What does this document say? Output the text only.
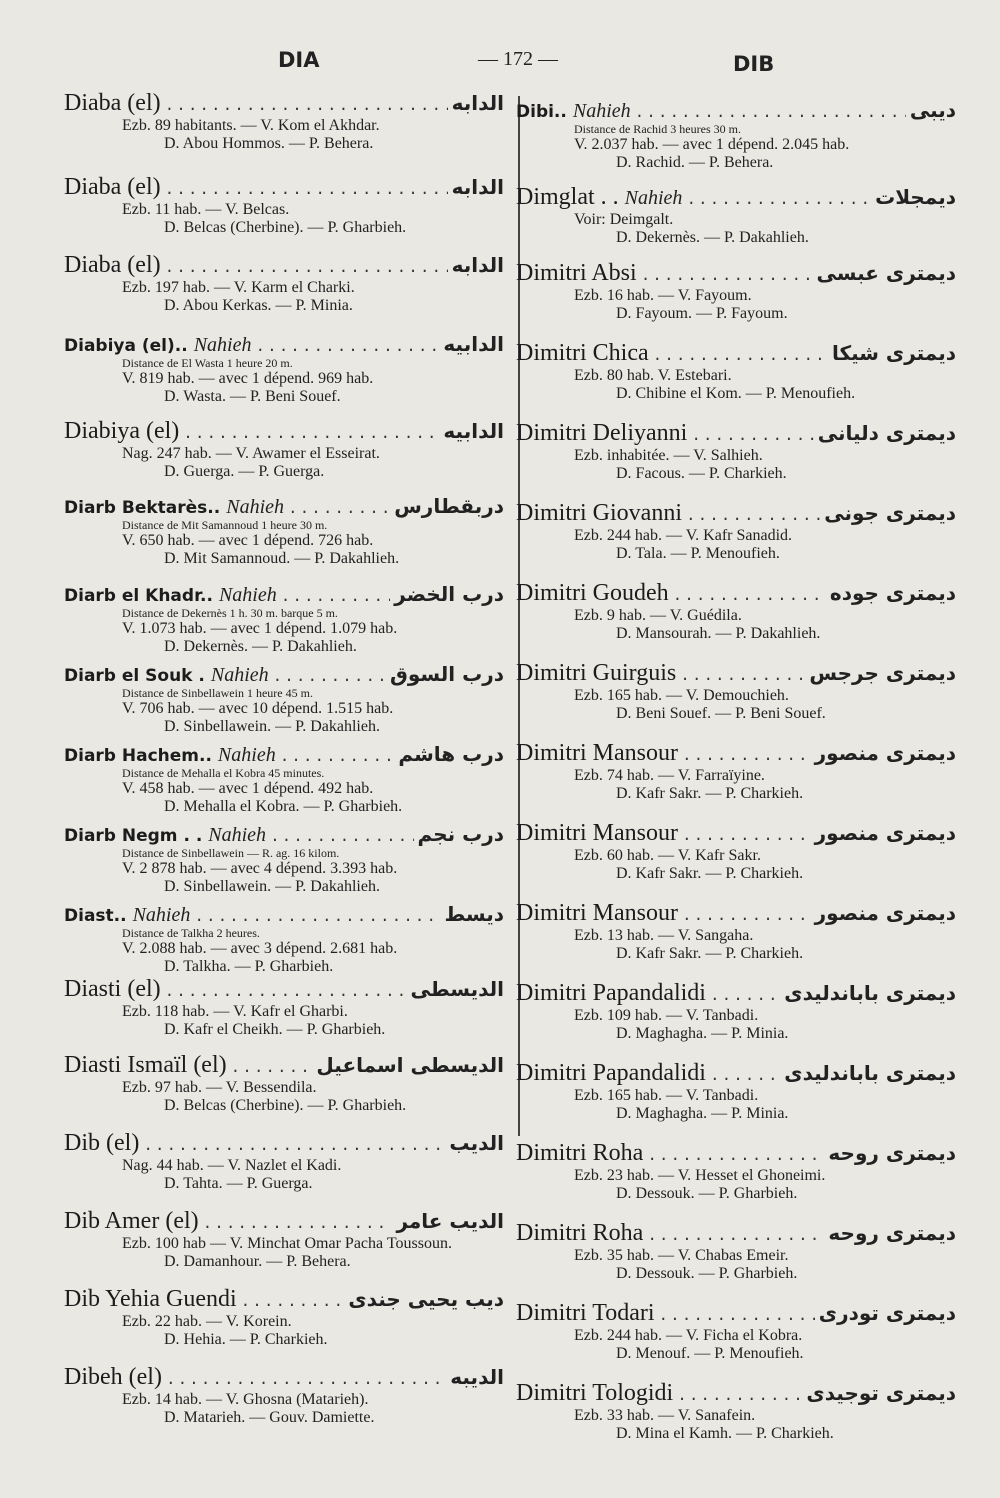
DIA	— 172 —	DIB
Diaba (el) .....	الدابه
Ezb. 89 habitants. — V. Kom el Akhdar.
D. Abou Hommos. — P. Behera.
Diaba (el) .....	الدابه
Ezb. 11 hab. — V. Belcas.
D. Belcas (Cherbine). — P. Gharbieh.
Diaba (el) .....	الدابه
Ezb. 197 hab. — V. Karm el Charki.
D. Abou Kerkas. — P. Minia.
Diabiya (el).. Nahieh .....	الدابيه
Distance de El Wasta 1 heure 20 m.
V. 819 hab. — avec 1 dépend. 969 hab.
D. Wasta. — P. Beni Souef.
Diabiya (el) .....	الدابيه
Nag. 247 hab. — V. Awamer el Esseirat.
D. Guerga. — P. Guerga.
Diarb Bektarès.. Nahieh .....	دربقطارس
Distance de Mit Samannoud 1 heure 30 m.
V. 650 hab. — avec 1 dépend. 726 hab.
D. Mit Samannoud. — P. Dakahlieh.
Diarb el Khadr.. Nahieh .....	درب الخضر
Distance de Dekernès 1 h. 30 m. barque 5 m.
V. 1.073 hab. — avec 1 dépend. 1.079 hab.
D. Dekernès. — P. Dakahlieh.
Diarb el Souk . Nahieh .....	درب السوق
Distance de Sinbellawein 1 heure 45 m.
V. 706 hab. — avec 10 dépend. 1.515 hab.
D. Sinbellawein. — P. Dakahlieh.
Diarb Hachem.. Nahieh .....	درب هاشم
Distance de Mehalla el Kobra 45 minutes.
V. 458 hab. — avec 1 dépend. 492 hab.
D. Mehalla el Kobra. — P. Gharbieh.
Diarb Negm . . Nahieh .....	درب نجم
Distance de Sinbellawein — R. ag. 16 kilom.
V. 2 878 hab. — avec 4 dépend. 3.393 hab.
D. Sinbellawein. — P. Dakahlieh.
Diast.. Nahieh .....	ديسط
Distance de Talkha 2 heures.
V. 2.088 hab. — avec 3 dépend. 2.681 hab.
D. Talkha. — P. Gharbieh.
Diasti (el) .....	الديسطى
Ezb. 118 hab. — V. Kafr el Gharbi.
D. Kafr el Cheikh. — P. Gharbieh.
Diasti Ismaïl (el) .....	الديسطى اسماعيل
Ezb. 97 hab. — V. Bessendila.
D. Belcas (Cherbine). — P. Gharbieh.
Dib (el) .....	الديب
Nag. 44 hab. — V. Nazlet el Kadi.
D. Tahta. — P. Guerga.
Dib Amer (el) .....	الديب عامر
Ezb. 100 hab — V. Minchat Omar Pacha Toussoun.
D. Damanhour. — P. Behera.
Dib Yehia Guendi .....	ديب يحيى جندى
Ezb. 22 hab. — V. Korein.
D. Hehia. — P. Charkieh.
Dibeh (el) .....	الديبه
Ezb. 14 hab. — V. Ghosna (Matarieh).
D. Matarieh. — Gouv. Damiette.
Dibi.. Nahieh .....	ديبى
Distance de Rachid 3 heures 30 m.
V. 2.037 hab. — avec 1 dépend. 2.045 hab.
D. Rachid. — P. Behera.
Dimglat . . Nahieh .....	ديمجلات
Voir: Deimgalt.
D. Dekernès. — P. Dakahlieh.
Dimitri Absi .....	ديمترى عبسى
Ezb. 16 hab. — V. Fayoum.
D. Fayoum. — P. Fayoum.
Dimitri Chica .....	ديمترى شيكا
Ezb. 80 hab. V. Estebari.
D. Chibine el Kom. — P. Menoufieh.
Dimitri Deliyanni .....	ديمترى دليانى
Ezb. inhabitée. — V. Salhieh.
D. Facous. — P. Charkieh.
Dimitri Giovanni .....	ديمترى جونى
Ezb. 244 hab. — V. Kafr Sanadid.
D. Tala. — P. Menoufieh.
Dimitri Goudeh .....	ديمترى جوده
Ezb. 9 hab. — V. Guédila.
D. Mansourah. — P. Dakahlieh.
Dimitri Guirguis .....	ديمترى جرجس
Ezb. 165 hab. — V. Demouchieh.
D. Beni Souef. — P. Beni Souef.
Dimitri Mansour .....	ديمترى منصور
Ezb. 74 hab. — V. Farraïyine.
D. Kafr Sakr. — P. Charkieh.
Dimitri Mansour .....	ديمترى منصور
Ezb. 60 hab. — V. Kafr Sakr.
D. Kafr Sakr. — P. Charkieh.
Dimitri Mansour .....	ديمترى منصور
Ezb. 13 hab. — V. Sangaha.
D. Kafr Sakr. — P. Charkieh.
Dimitri Papandalidi .....	ديمترى باباندليدى
Ezb. 109 hab. — V. Tanbadi.
D. Maghagha. — P. Minia.
Dimitri Papandalidi .....	ديمترى باباندليدى
Ezb. 165 hab. — V. Tanbadi.
D. Maghagha. — P. Minia.
Dimitri Roha .....	ديمترى روحه
Ezb. 23 hab. — V. Hesset el Ghoneimi.
D. Dessouk. — P. Gharbieh.
Dimitri Roha .....	ديمترى روحه
Ezb. 35 hab. — V. Chabas Emeir.
D. Dessouk. — P. Gharbieh.
Dimitri Todari .....	ديمترى تودرى
Ezb. 244 hab. — V. Ficha el Kobra.
D. Menouf. — P. Menoufieh.
Dimitri Tologidi .....	ديمترى توجيدى
Ezb. 33 hab. — V. Sanafein.
D. Mina el Kamh. — P. Charkieh.
